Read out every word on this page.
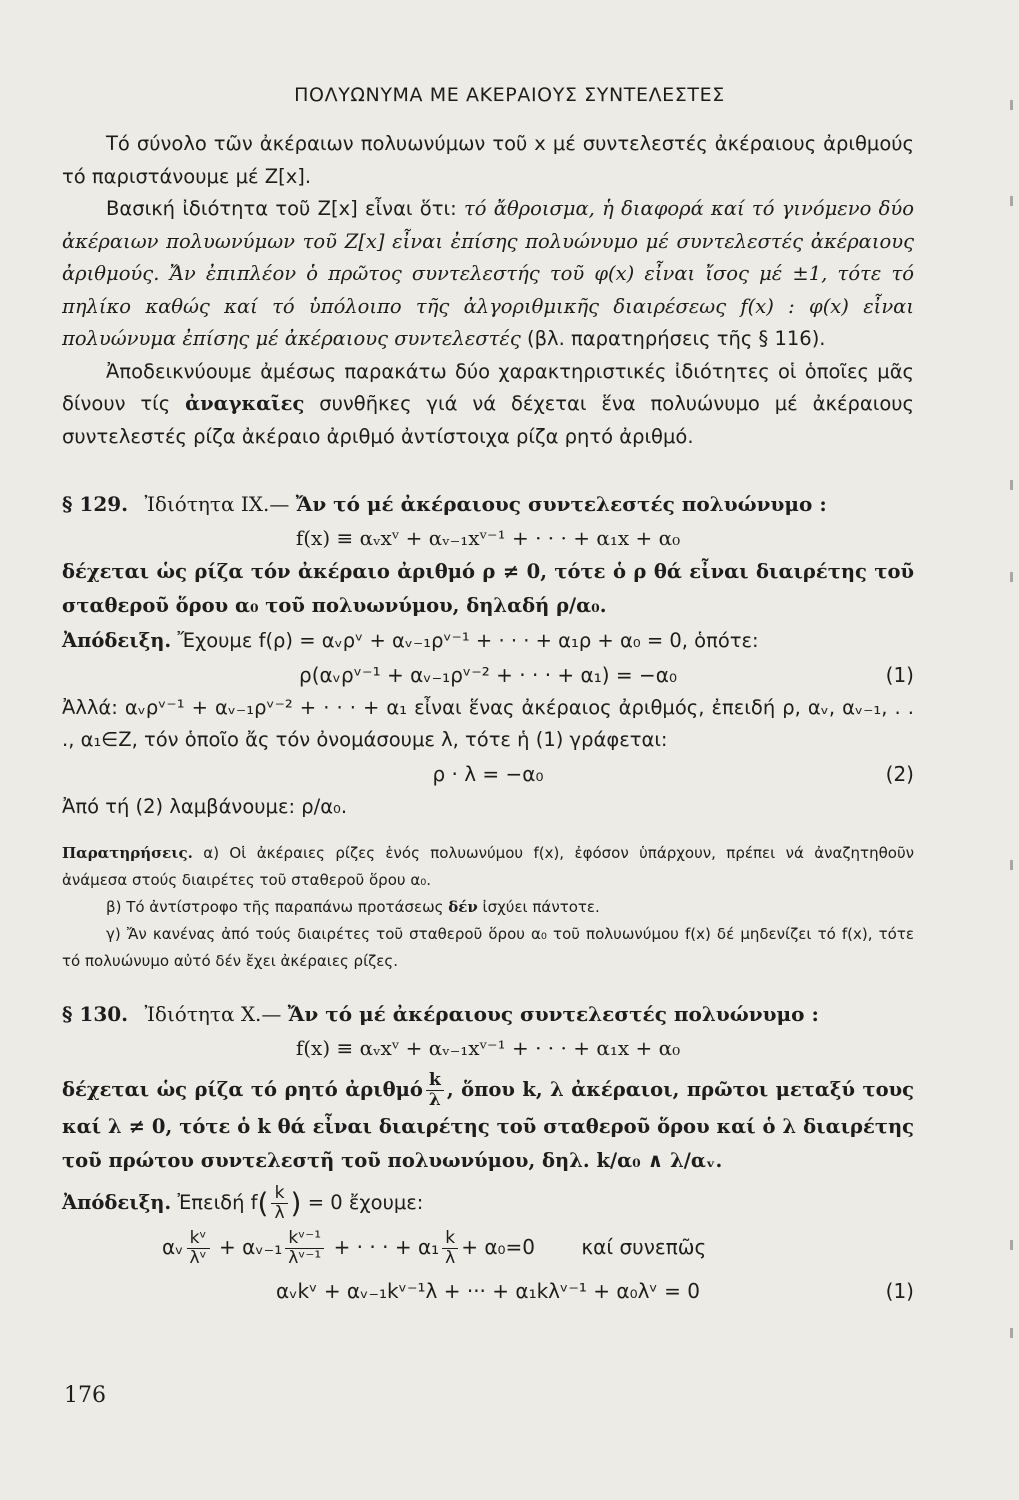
ΠΟΛΥΩΝΥΜΑ ΜΕ ΑΚΕΡΑΙΟΥΣ ΣΥΝΤΕΛΕΣΤΕΣ

Τό σύνολο τῶν ἀκέραιων πολυωνύμων τοῦ x μέ συντελεστές ἀκέραιους ἀριθμούς τό παριστάνουμε μέ Z[x].

Βασική ἰδιότητα τοῦ Z[x] εἶναι ὅτι: τό ἄθροισμα, ἡ διαφορά καί τό γινόμενο δύο ἀκέραιων πολυωνύμων τοῦ Z[x] εἶναι ἐπίσης πολυώνυμο μέ συντελεστές ἀκέραιους ἀριθμούς. Ἄν ἐπιπλέον ὁ πρῶτος συντελεστής τοῦ φ(x) εἶναι ἴσος μέ ±1, τότε τό πηλίκο καθώς καί τό ὑπόλοιπο τῆς ἀλγοριθμικῆς διαιρέσεως f(x) : φ(x) εἶναι πολυώνυμα ἐπίσης μέ ἀκέραιους συντελεστές (βλ. παρατηρήσεις τῆς § 116).

Ἀποδεικνύουμε ἀμέσως παρακάτω δύο χαρακτηριστικές ἰδιότητες οἱ ὁποῖες μᾶς δίνουν τίς ἀναγκαῖες συνθῆκες γιά νά δέχεται ἕνα πολυώνυμο μέ ἀκέραιους συντελεστές ρίζα ἀκέραιο ἀριθμό ἀντίστοιχα ρίζα ρητό ἀριθμό.

§ 129. Ἰδιότητα IX.— Ἄν τό μέ ἀκέραιους συντελεστές πολυώνυμο :

f(x) ≡ αᵥxᵛ + αᵥ₋₁xᵛ⁻¹ + · · · + α₁x + α₀

δέχεται ὡς ρίζα τόν ἀκέραιο ἀριθμό ρ ≠ 0, τότε ὁ ρ θά εἶναι διαιρέτης τοῦ σταθεροῦ ὅρου α₀ τοῦ πολυωνύμου, δηλαδή ρ/α₀.

Ἀπόδειξη. Ἔχουμε f(ρ) = αᵥρᵛ + αᵥ₋₁ρᵛ⁻¹ + · · · + α₁ρ + α₀ = 0, ὁπότε:

ρ(αᵥρᵛ⁻¹ + αᵥ₋₁ρᵛ⁻² + · · · + α₁) = −α₀	(1)

Ἀλλά: αᵥρᵛ⁻¹ + αᵥ₋₁ρᵛ⁻² + · · · + α₁ εἶναι ἕνας ἀκέραιος ἀριθμός, ἐπειδή ρ, αᵥ, αᵥ₋₁, . . ., α₁∈Z, τόν ὁποῖο ἄς τόν ὀνομάσουμε λ, τότε ἡ (1) γράφεται:

ρ · λ = −α₀	(2)

Ἀπό τή (2) λαμβάνουμε: ρ/α₀.

Παρατηρήσεις. α) Οἱ ἀκέραιες ρίζες ἑνός πολυωνύμου f(x), ἐφόσον ὑπάρχουν, πρέπει νά ἀναζητηθοῦν ἀνάμεσα στούς διαιρέτες τοῦ σταθεροῦ ὅρου α₀.

β) Τό ἀντίστροφο τῆς παραπάνω προτάσεως δέν ἰσχύει πάντοτε.

γ) Ἄν κανένας ἀπό τούς διαιρέτες τοῦ σταθεροῦ ὅρου α₀ τοῦ πολυωνύμου f(x) δέ μηδενίζει τό f(x), τότε τό πολυώνυμο αὐτό δέν ἔχει ἀκέραιες ρίζες.

§ 130. Ἰδιότητα X.— Ἄν τό μέ ἀκέραιους συντελεστές πολυώνυμο :

f(x) ≡ αᵥxᵛ + αᵥ₋₁xᵛ⁻¹ + · · · + α₁x + α₀

δέχεται ὡς ρίζα τό ρητό ἀριθμό $\frac{k}{\lambda}$ , ὅπου k, λ ἀκέραιοι, πρῶτοι μεταξύ τους καί λ ≠ 0, τότε ὁ k θά εἶναι διαιρέτης τοῦ σταθεροῦ ὅρου καί ὁ λ διαιρέτης τοῦ πρώτου συντελεστῆ τοῦ πολυωνύμου, δηλ. k/α₀ ∧ λ/αᵥ.

Ἀπόδειξη. Ἐπειδή $f( \frac{k}{\lambda}$ ) = 0 ἔχουμε:

αᵥ $\frac{\text{kᵛ}}{\text{λᵛ}}$ + αᵥ₋₁ $\frac{\text{kᵛ⁻¹}}{\text{λᵛ⁻¹}}$ + · · · + $\alpha_1 \frac{k}{\lambda} + \alpha_0=0$ καί συνεπῶς

αᵥkᵛ + αᵥ₋₁kᵛ⁻¹λ + ··· + α₁kλᵛ⁻¹ + α₀λᵛ = 0	(1)

176
